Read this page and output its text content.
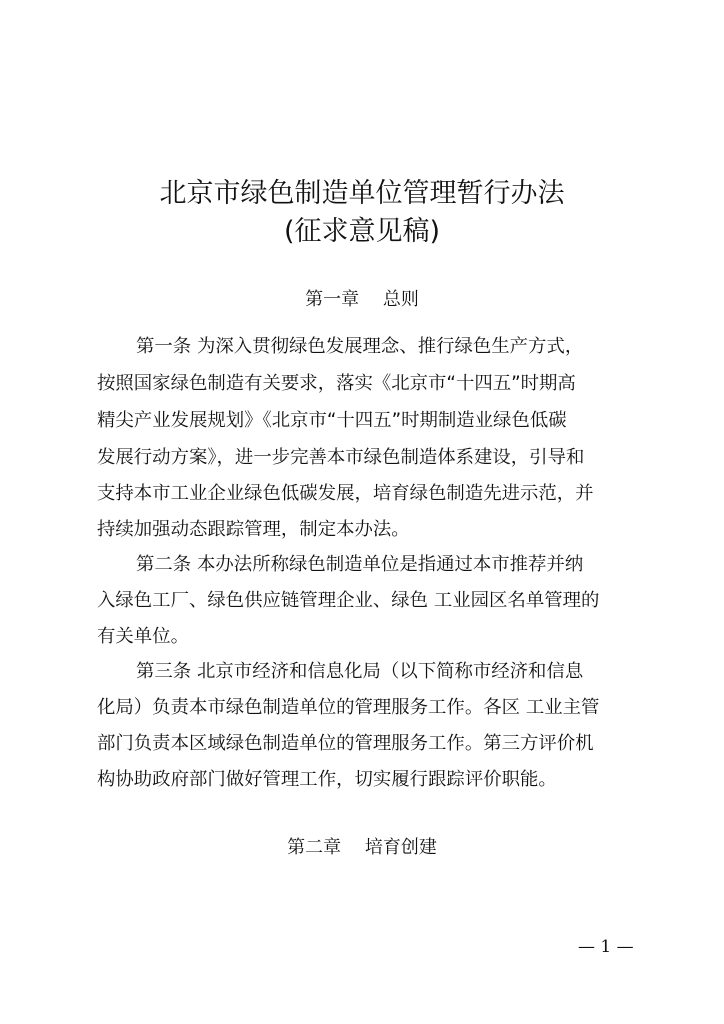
北京市绿色制造单位管理暂行办法
(征求意见稿)
第一章　 总则

第一条 为深入贯彻绿色发展理念、推行绿色生产方式，

按照国家绿色制造有关要求，落实《北京市“十四五”时期高

精尖产业发展规划》《北京市“十四五”时期制造业绿色低碳

发展行动方案》，进一步完善本市绿色制造体系建设，引导和

支持本市工业企业绿色低碳发展，培育绿色制造先进示范，并

持续加强动态跟踪管理，制定本办法。

第二条 本办法所称绿色制造单位是指通过本市推荐并纳

入绿色工厂、绿色供应链管理企业、绿色 工业园区名单管理的

有关单位。

第三条 北京市经济和信息化局（以下简称市经济和信息

化局）负责本市绿色制造单位的管理服务工作。各区 工业主管

部门负责本区域绿色制造单位的管理服务工作。第三方评价机

构协助政府部门做好管理工作，切实履行跟踪评价职能。

第二章　 培育创建
— 1 —
